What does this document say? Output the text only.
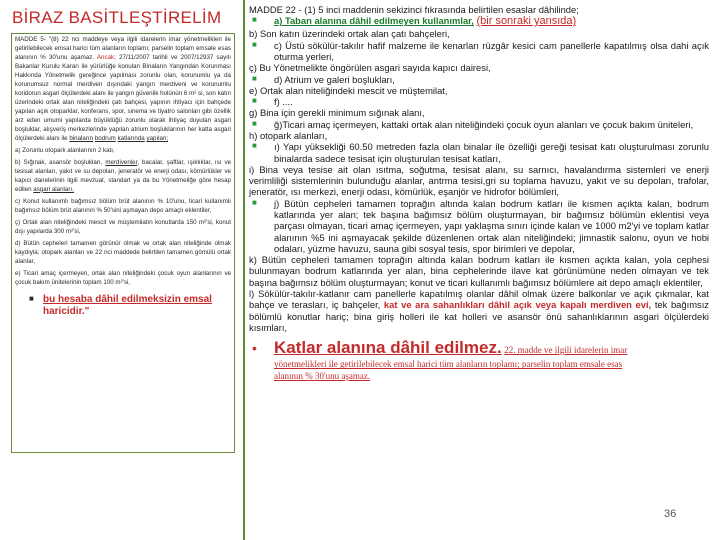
BİRAZ BASİTLEŞTİRELİM

MADDE 5- "(8) 22 nci maddeye veya ilgili idarelerin imar yönetmelikleri ile getirilebilecek emsal harici tüm alanların toplamı; parselin toplam emsale esas alanının % 30'unu aşamaz. Ancak; 27/11/2007 tarihli ve 2007/12937 sayılı Bakanlar Kurulu Kararı ile yürürlüğe konulan Binaların Yangından Korunması Hakkında Yönetmelik gereğince yapılması zorunlu olan, korunumlu ya da korunumsuz normal merdiven dışındaki yangın merdiveni ve korunumlu koridorun asgari ölçülerdeki alanı ile yangın güvenlik holünün 6 m² si, son katın üzerindeki ortak alan niteliğindeki çatı bahçesi, yapının ihtiyacı için bahçede yapılan açık otoparklar, konferans, spor, sinema ve tiyatro salonları gibi özellik arz eden umumi yapılarda büyüklüğü zorunlu olarak ihtiyaç duyulan asgari boşluklar, alışveriş merkezlerinde yapılan atrium boşluklarının her katta asgari ölçülerdeki alanı ile binaların bodrum katlarında yapılan;

a) Zorunlu otopark alanlarının 2 katı,

b) Sığınak, asansör boşlukları, merdivenler, bacalar, şaftlar, ışıklıklar, ısı ve tesisat alanları, yakıt ve su depoları, jeneratör ve enerji odası, kömürlükler ve kapıcı dairelerinin ilgili mevzuat, standart ya da bu Yönetmeliğe göre hesap edilen asgari alanları,

c) Konut kullanımlı bağımsız bölüm brüt alanının % 10'unu, ticari kullanımlı bağımsız bölüm brüt alanının % 50'sini aşmayan depo amaçlı eklentiler,

ç) Ortak alan niteliğindeki mescit ve müştemilatın konutlarda 150 m²'si, konut dışı yapılarda 300 m²'si,

d) Bütün cepheleri tamamen görünür olmak ve ortak alan niteliğinde olmak kaydıyla; otopark alanları ve 22 nci maddede belirtilen tamamen gömülü ortak alanlar,

e) Ticari amaç içermeyen, ortak alan niteliğindeki çocuk oyun alanlarının ve çocuk bakım ünitelerinin toplam 100 m²'si,

■ bu hesaba dâhil edilmeksizin emsal
haricidir."

MADDE 22 - (1) 5 inci maddenin sekizinci fıkrasında belirtilen esaslar dâhilinde;

■	a) Taban alanına dâhil edilmeyen kullanımlar, (bir sonraki yansıda)

b) Son katın üzerindeki ortak alan çatı bahçeleri,

■	c) Üstü sökülür-takılır hafif malzeme ile kenarları rüzgâr kesici cam panellerle kapatılmış olsa dahi açık oturma yerleri,

ç) Bu Yönetmelikte öngörülen asgari sayıda kapıcı dairesi,

■	d) Atrium ve galeri boşlukları,

e) Ortak alan niteliğindeki mescit ve müştemilat,

■	f) ....

g) Bina için gerekli minimum sığınak alanı,

■	ğ)Ticari amaç içermeyen, kattaki ortak alan niteliğindeki çocuk oyun alanları ve çocuk bakım üniteleri,

h) otopark alanları,

■	ı) Yapı yüksekliği 60.50 metreden fazla olan binalar ile özelliği gereği tesisat katı oluşturulması zorunlu binalarda sadece tesisat için oluşturulan tesisat katları,

i) Bina veya tesise ait olan ısıtma, soğutma, tesisat alanı, su sarnıcı, havalandırma sistemleri ve enerji verimliliği sistemlerinin bulunduğu alanlar, antrma tesisi,gri su toplama havuzu, yakıt ve su depoları, trafolar, jeneratör, ısı merkezi, enerji odası, kömürlük, eşanjör ve hidrofor bölümleri,

■	j) Bütün cepheleri tamamen toprağın altında kalan bodrum katları ile kısmen açıkta kalan, bodrum katlarında yer alan; tek başına bağımsız bölüm oluşturmayan, bir bağımsız bölümün eklentisi veya parçası olmayan, ticari amaç içermeyen, yapı yaklaşma sınırı içinde kalan ve 1000 m2'yi ve toplam katlar alanının %5 ini aşmayacak şekilde düzenlenen ortak alan niteliğindeki; jimnastik salonu, oyun ve hobi odaları, yüzme havuzu, sauna gibi sosyal tesis, spor birimleri ve depolar,

k) Bütün cepheleri tamamen toprağın altında kalan bodrum katları ile kısmen açıkta kalan, yola cephesi bulunmayan bodrum katlarında yer alan, bina cephelerinde ilave kat görünümüne neden olmayan ve tek başına bağımsız bölüm oluşturmayan; konut ve ticari kullanımlı bağımsız bölümlere ait depo amaçlı eklentiler,

l) Sökülür-takılır-katlanır cam panellerle kapatılmış olanlar dâhil olmak üzere balkonlar ve açık çıkmalar, kat bahçe ve terasları, iç bahçeler, kat ve ara sahanlıkları dâhil açık veya kapalı merdiven evi, tek bağımsız bölümlü konutlar hariç; bina giriş holleri ile kat holleri ve asansör önü sahanlıklarının asgari ölçülerdeki kısımları,

•	Katlar alanına dâhil edilmez. 22. madde ve ilgili idarelerin imar
yönetmelikleri ile getirilebilecek emsal harici tüm alanların toplamı; parselin toplam emsale esas
alanının % 30'unu aşamaz.
36
